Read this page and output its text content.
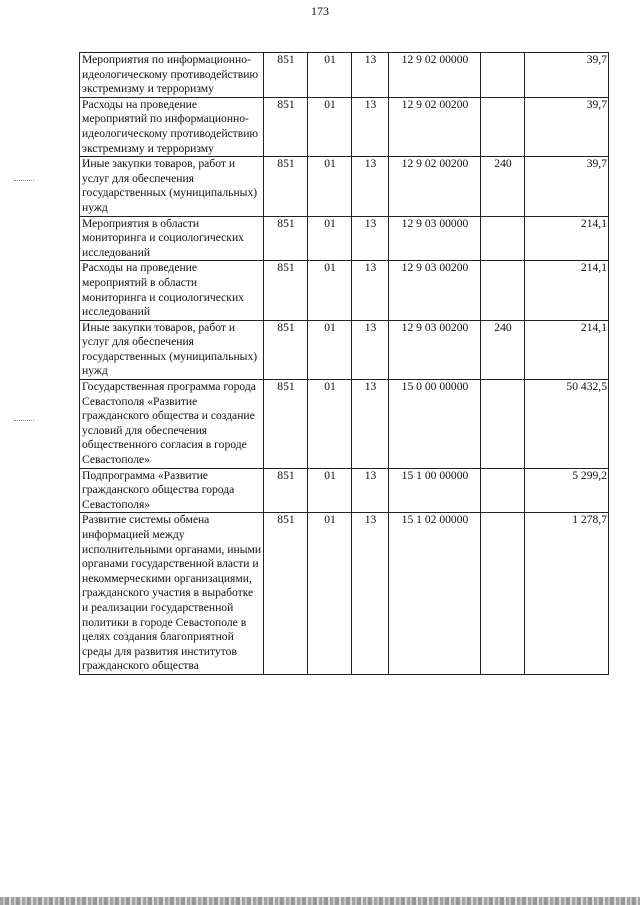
173
Мероприятия по информационно-идеологическому противодействию экстремизму и терроризму	851	01	13	12 9 02 00000		39,7
Расходы на проведение мероприятий по информационно-идеологическому противодействию экстремизму и терроризму	851	01	13	12 9 02 00200		39,7
Иные закупки товаров, работ и услуг для обеспечения государственных (муниципальных) нужд	851	01	13	12 9 02 00200	240	39,7
Мероприятия в области мониторинга и социологических исследований	851	01	13	12 9 03 00000		214,1
Расходы на проведение мероприятий в области мониторинга и социологических исследований	851	01	13	12 9 03 00200		214,1
Иные закупки товаров, работ и услуг для обеспечения государственных (муниципальных) нужд	851	01	13	12 9 03 00200	240	214,1
Государственная программа города Севастополя «Развитие гражданского общества и создание условий для обеспечения общественного согласия в городе Севастополе»	851	01	13	15 0 00 00000		50 432,5
Подпрограмма «Развитие гражданского общества города Севастополя»	851	01	13	15 1 00 00000		5 299,2
Развитие системы обмена информацией между исполнительными органами, иными органами государственной власти и некоммерческими организациями, гражданского участия в выработке и реализации государственной политики в городе Севастополе в целях создания благоприятной среды для развития институтов гражданского общества	851	01	13	15 1 02 00000		1 278,7
